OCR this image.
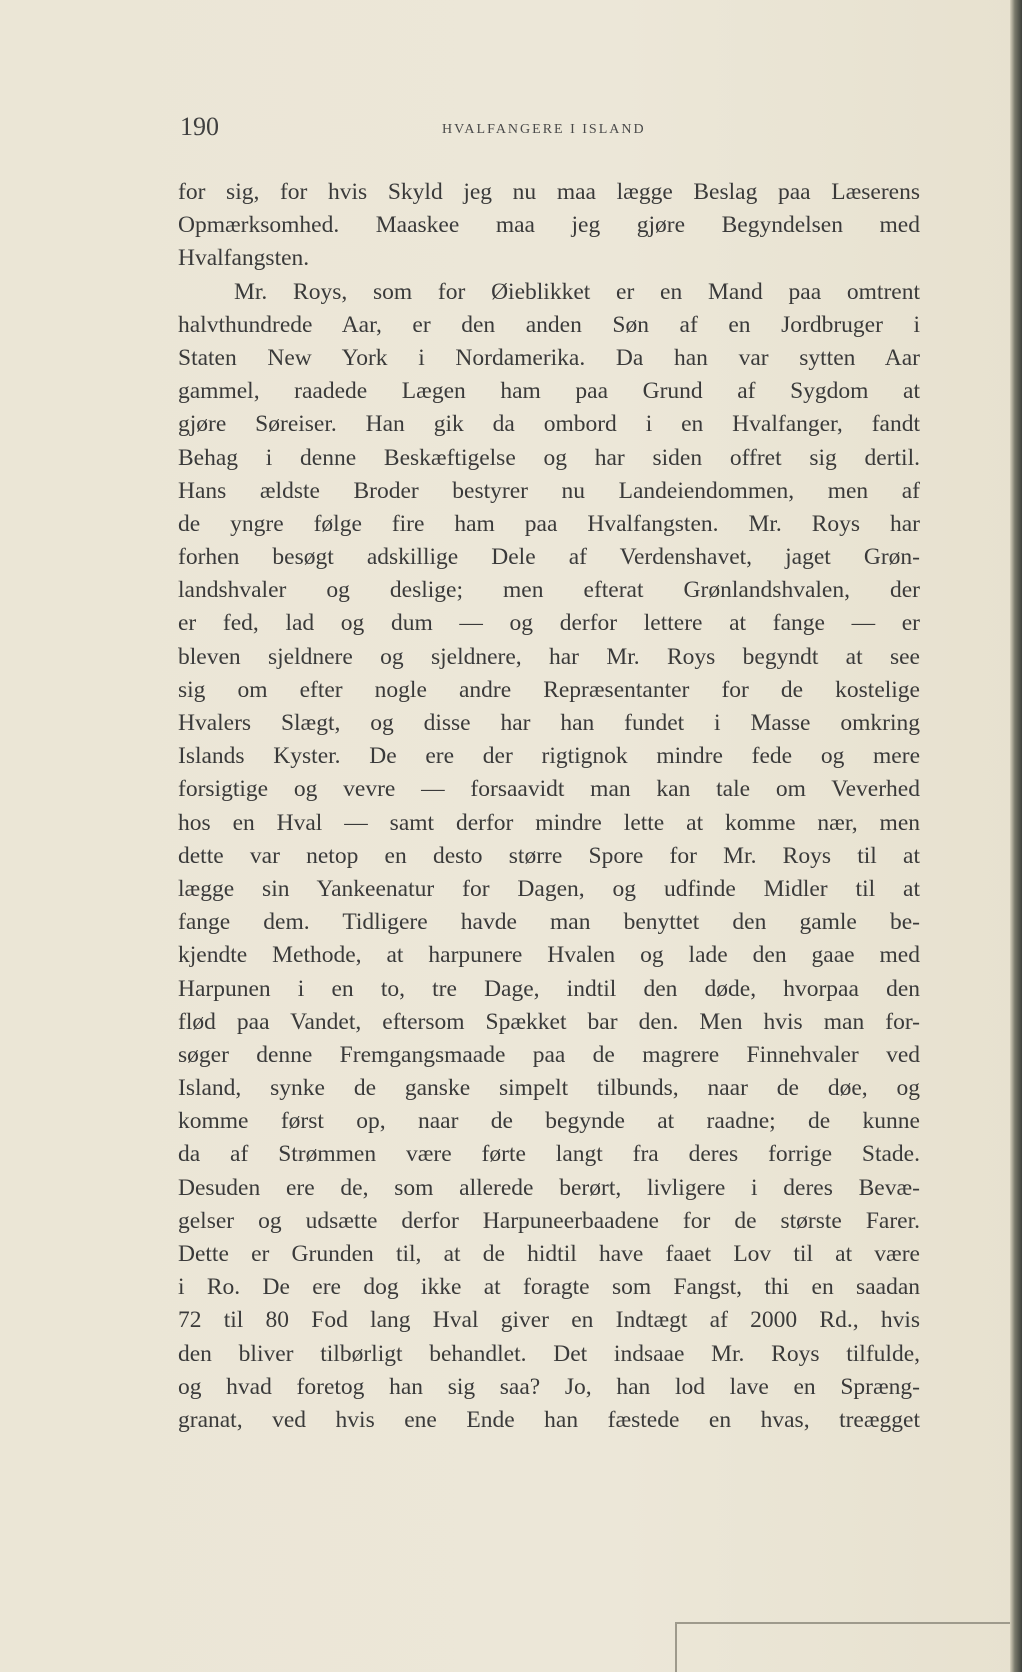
190	HVALFANGERE I ISLAND
for sig, for hvis Skyld jeg nu maa lægge Beslag paa Læserens
Opmærksomhed. Maaskee maa jeg gjøre Begyndelsen med
Hvalfangsten.
Mr. Roys, som for Øieblikket er en Mand paa omtrent
halvthundrede Aar, er den anden Søn af en Jordbruger i
Staten New York i Nordamerika. Da han var sytten Aar
gammel, raadede Lægen ham paa Grund af Sygdom at
gjøre Søreiser. Han gik da ombord i en Hvalfanger, fandt
Behag i denne Beskæftigelse og har siden offret sig dertil.
Hans ældste Broder bestyrer nu Landeiendommen, men af
de yngre følge fire ham paa Hvalfangsten. Mr. Roys har
forhen besøgt adskillige Dele af Verdenshavet, jaget Grøn-
landshvaler og deslige; men efterat Grønlandshvalen, der
er fed, lad og dum — og derfor lettere at fange — er
bleven sjeldnere og sjeldnere, har Mr. Roys begyndt at see
sig om efter nogle andre Repræsentanter for de kostelige
Hvalers Slægt, og disse har han fundet i Masse omkring
Islands Kyster. De ere der rigtignok mindre fede og mere
forsigtige og vevre — forsaavidt man kan tale om Veverhed
hos en Hval — samt derfor mindre lette at komme nær, men
dette var netop en desto større Spore for Mr. Roys til at
lægge sin Yankeenatur for Dagen, og udfinde Midler til at
fange dem. Tidligere havde man benyttet den gamle be-
kjendte Methode, at harpunere Hvalen og lade den gaae med
Harpunen i en to, tre Dage, indtil den døde, hvorpaa den
flød paa Vandet, eftersom Spækket bar den. Men hvis man for-
søger denne Fremgangsmaade paa de magrere Finnehvaler ved
Island, synke de ganske simpelt tilbunds, naar de døe, og
komme først op, naar de begynde at raadne; de kunne
da af Strømmen være førte langt fra deres forrige Stade.
Desuden ere de, som allerede berørt, livligere i deres Bevæ-
gelser og udsætte derfor Harpuneerbaadene for de største Farer.
Dette er Grunden til, at de hidtil have faaet Lov til at være
i Ro. De ere dog ikke at foragte som Fangst, thi en saadan
72 til 80 Fod lang Hval giver en Indtægt af 2000 Rd., hvis
den bliver tilbørligt behandlet. Det indsaae Mr. Roys tilfulde,
og hvad foretog han sig saa? Jo, han lod lave en Spræng-
granat, ved hvis ene Ende han fæstede en hvas, treægget
